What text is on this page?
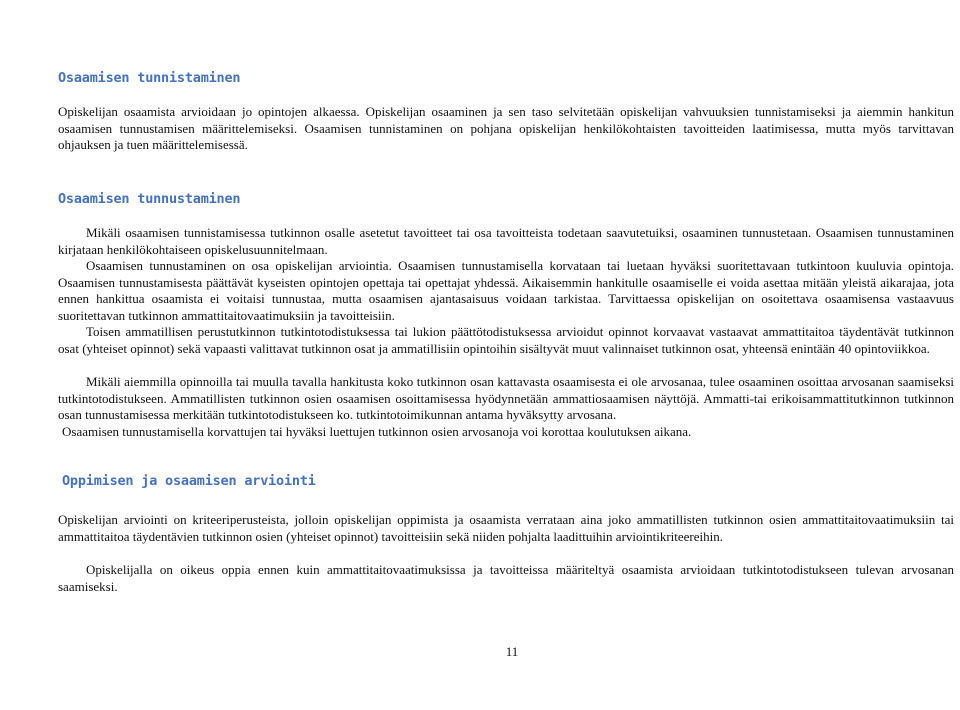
Osaamisen tunnistaminen

Opiskelijan osaamista arvioidaan jo opintojen alkaessa. Opiskelijan osaaminen ja sen taso selvitetään opiskelijan vahvuuksien tunnistamiseksi ja aiemmin hankitun osaamisen tunnustamisen määrittelemiseksi. Osaamisen tunnistaminen on pohjana opiskelijan henkilökohtaisten tavoitteiden laatimisessa, mutta myös tarvittavan ohjauksen ja tuen määrittelemisessä.

Osaamisen tunnustaminen

Mikäli osaamisen tunnistamisessa tutkinnon osalle asetetut tavoitteet tai osa tavoitteista todetaan saavutetuiksi, osaaminen tunnustetaan. Osaamisen tunnustaminen kirjataan henkilökohtaiseen opiskelusuunnitelmaan.

Osaamisen tunnustaminen on osa opiskelijan arviointia. Osaamisen tunnustamisella korvataan tai luetaan hyväksi suoritettavaan tutkintoon kuuluvia opintoja. Osaamisen tunnustamisesta päättävät kyseisten opintojen opettaja tai opettajat yhdessä. Aikaisemmin hankitulle osaamiselle ei voida asettaa mitään yleistä aikarajaa, jota ennen hankittua osaamista ei voitaisi tunnustaa, mutta osaamisen ajantasaisuus voidaan tarkistaa. Tarvittaessa opiskelijan on osoitettava osaamisensa vastaavuus suoritettavan tutkinnon ammattitaitovaatimuksiin ja tavoitteisiin.

Toisen ammatillisen perustutkinnon tutkintotodistuksessa tai lukion päättötodistuksessa arvioidut opinnot korvaavat vastaavat ammattitaitoa täydentävät tutkinnon osat (yhteiset opinnot) sekä vapaasti valittavat tutkinnon osat ja ammatillisiin opintoihin sisältyvät muut valinnaiset tutkinnon osat, yhteensä enintään 40 opintoviikkoa.

Mikäli aiemmilla opinnoilla tai muulla tavalla hankitusta koko tutkinnon osan kattavasta osaamisesta ei ole arvosanaa, tulee osaaminen osoittaa arvosanan saamiseksi tutkintotodistukseen. Ammatillisten tutkinnon osien osaamisen osoittamisessa hyödynnetään ammattiosaamisen näyttöjä. Ammatti-tai erikoisammattitutkinnon tutkinnon osan tunnustamisessa merkitään tutkintotodistukseen ko. tutkintotoimikunnan antama hyväksytty arvosana.

Osaamisen tunnustamisella korvattujen tai hyväksi luettujen tutkinnon osien arvosanoja voi korottaa koulutuksen aikana.

Oppimisen ja osaamisen arviointi

Opiskelijan arviointi on kriteeriperusteista, jolloin opiskelijan oppimista ja osaamista verrataan aina joko ammatillisten tutkinnon osien ammattitaitovaatimuksiin tai ammattitaitoa täydentävien tutkinnon osien (yhteiset opinnot) tavoitteisiin sekä niiden pohjalta laadittuihin arviointikriteereihin.

Opiskelijalla on oikeus oppia ennen kuin ammattitaitovaatimuksissa ja tavoitteissa määriteltyä osaamista arvioidaan tutkintotodistukseen tulevan arvosanan saamiseksi.

11
